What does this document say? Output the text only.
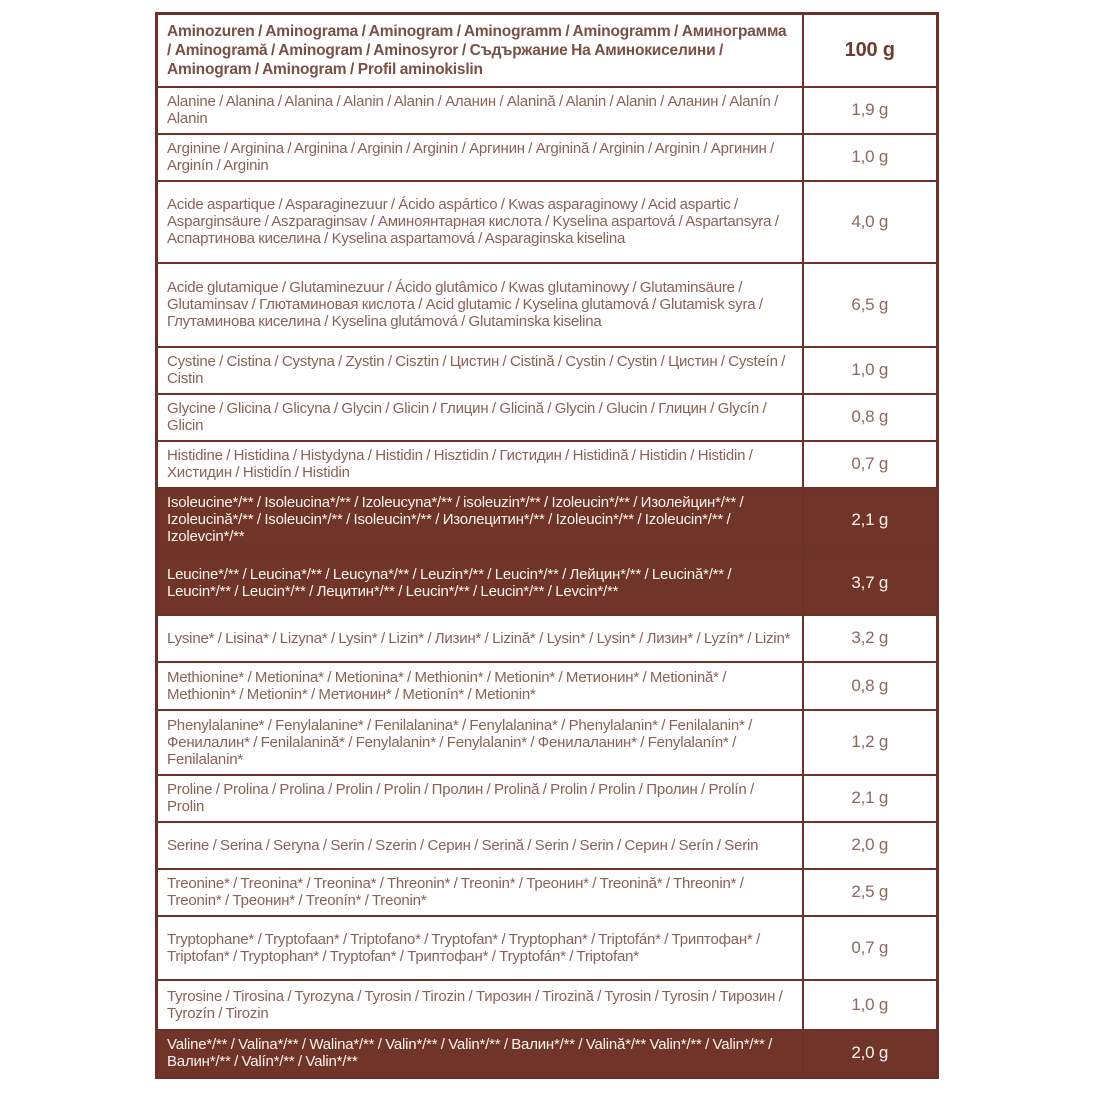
Aminozuren / Aminograma / Aminogram / Aminogramm / Aminogramm / Аминограмма / Aminogramă / Aminogram / Aminosyror / Съдържание На Аминокиселини / Aminogram / Aminogram / Profil aminokislin	100 g
Alanine / Alanina / Alanina / Alanin / Alanin / Аланин / Alanină / Alanin / Alanin / Аланин / Alanín / Alanin	1,9 g
Arginine / Arginina / Arginina / Arginin / Arginin / Аргинин / Arginină / Arginin / Arginin / Аргинин / Arginín / Arginin	1,0 g
Acide aspartique / Asparaginezuur / Ácido aspártico / Kwas asparaginowy / Acid aspartic / Asparginsäure / Aszparaginsav / Аминоянтарная кислота / Kyselina aspartová / Aspartansyra / Аспартинова киселина / Kyselina aspartamová / Asparaginska kiselina	4,0 g
Acide glutamique / Glutaminezuur / Ácido glutâmico / Kwas glutaminowy / Glutaminsäure / Glutaminsav / Глютаминовая кислота / Acid glutamic / Kyselina glutamová / Glutamisk syra / Глутаминова киселина / Kyselina glutámová / Glutaminska kiselina	6,5 g
Cystine / Cistina / Cystyna / Zystin / Cisztin / Цистин / Cistină / Cystin / Cystin / Цистин / Cysteín / Cistin	1,0 g
Glycine / Glicina / Glicyna / Glycin / Glicin / Глицин / Glicină / Glycin / Glucin / Глицин / Glycín / Glicin	0,8 g
Histidine / Histidina / Histydyna / Histidin / Hisztidin / Гистидин / Histidină / Histidin / Histidin / Хистидин / Histidín / Histidin	0,7 g
Isoleucine*/** / Isoleucina*/** / Izoleucyna*/** / isoleuzin*/** / Izoleucin*/** / Изолейцин*/** / Izoleucină*/** / Isoleucin*/** / Isoleucin*/** / Изолецитин*/** / Izoleucin*/** / Izoleucin*/** / Izolevcin*/**	2,1 g
Leucine*/** / Leucina*/** / Leucyna*/** / Leuzin*/** / Leucin*/** / Лейцин*/** / Leucină*/** / Leucin*/** / Leucin*/** / Лецитин*/** / Leucin*/** / Leucin*/** / Levcin*/**	3,7 g
Lysine* / Lisina* / Lizyna* / Lysin* / Lizin* / Лизин* / Lizină* / Lysin* / Lysin* / Лизин* / Lyzín* / Lizin*	3,2 g
Methionine* / Metionina* / Metionina* / Methionin* / Metionin* / Метионин* / Metionină* / Methionin* / Metionin* / Метионин* / Metionín* / Metionin*	0,8 g
Phenylalanine* / Fenylalanine* / Fenilalanina* / Fenylalanina* / Phenylalanin* / Fenilalanin* / Фенилалин* / Fenilalanină* / Fenylalanin* / Fenylalanin* / Фенилаланин* / Fenylalanín* / Fenilalanin*	1,2 g
Proline / Prolina / Prolina / Prolin / Prolin / Пролин / Prolină / Prolin / Prolin / Пролин / Prolín / Prolin	2,1 g
Serine / Serina / Seryna / Serin / Szerin / Серин / Serină / Serin / Serin / Серин / Serín / Serin	2,0 g
Treonine* / Treonina* / Treonina* / Threonin* / Treonin* / Треонин* / Treonină* / Threonin* / Treonin* / Треонин* / Treonín* / Treonin*	2,5 g
Tryptophane* / Tryptofaan* / Triptofano* / Tryptofan* / Tryptophan* / Triptofán* / Триптофан* / Triptofan* / Tryptophan* / Tryptofan* / Триптофан* / Tryptofán* / Triptofan*	0,7 g
Tyrosine / Tirosina / Tyrozyna / Tyrosin / Tirozin / Тирозин / Tirozină / Tyrosin / Tyrosin / Тирозин / Tyrozín / Tirozin	1,0 g
Valine*/** / Valina*/** / Walina*/** / Valin*/** / Valin*/** / Валин*/** / Valină*/** Valin*/** / Valin*/** / Валин*/** / Valín*/** / Valin*/**	2,0 g
